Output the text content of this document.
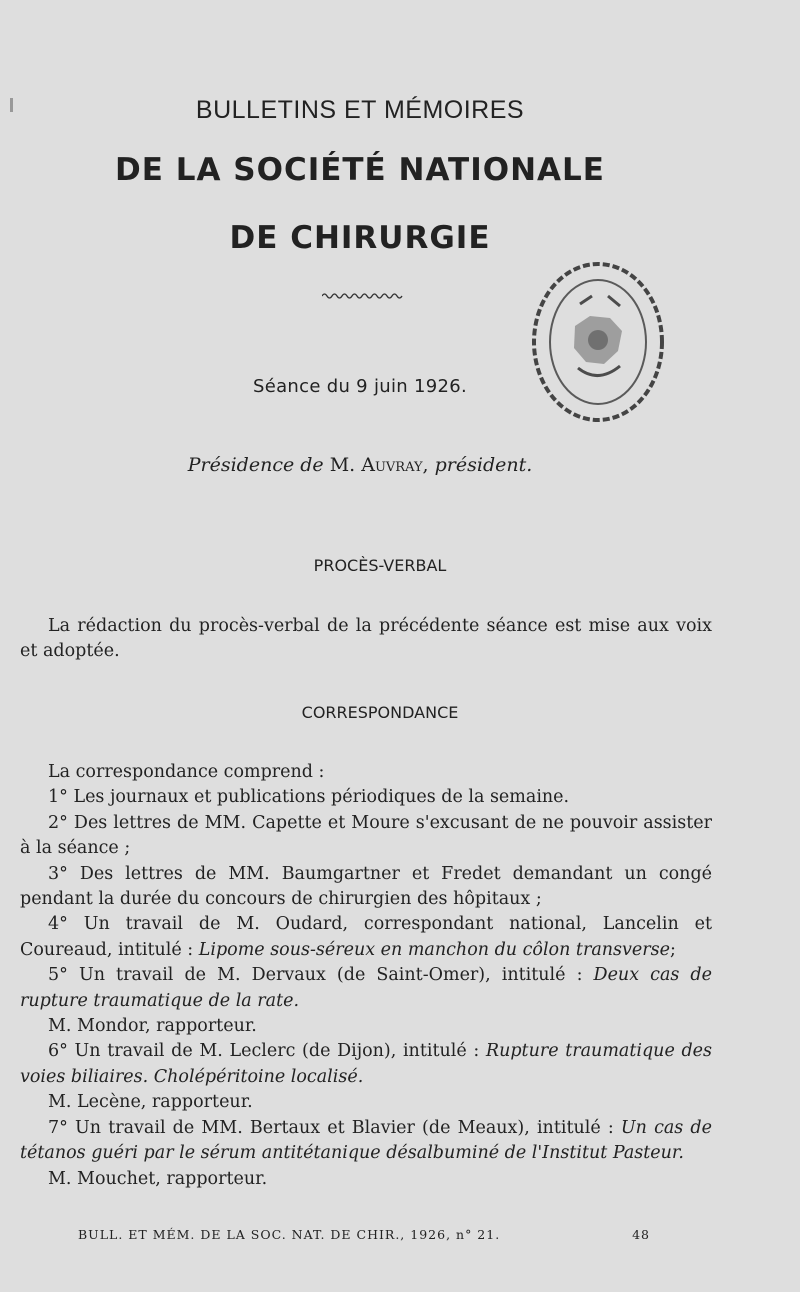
BULLETINS ET MÉMOIRES
DE LA SOCIÉTÉ NATIONALE
DE CHIRURGIE
Séance du 9 juin 1926.
Présidence de M. Auvray, président.
PROCÈS-VERBAL

La rédaction du procès-verbal de la précédente séance est mise aux voix et adoptée.

CORRESPONDANCE

La correspondance comprend :

1° Les journaux et publications périodiques de la semaine.

2° Des lettres de MM. Capette et Moure s'excusant de ne pouvoir assister à la séance ;

3° Des lettres de MM. Baumgartner et Fredet demandant un congé pendant la durée du concours de chirurgien des hôpitaux ;

4° Un travail de M. Oudard, correspondant national, Lancelin et Coureaud, intitulé : Lipome sous-séreux en manchon du côlon transverse;

5° Un travail de M. Dervaux (de Saint-Omer), intitulé : Deux cas de rupture traumatique de la rate.

M. Mondor, rapporteur.

6° Un travail de M. Leclerc (de Dijon), intitulé : Rupture traumatique des voies biliaires. Cholépéritoine localisé.

M. Lecène, rapporteur.

7° Un travail de MM. Bertaux et Blavier (de Meaux), intitulé : Un cas de tétanos guéri par le sérum antitétanique désalbuminé de l'Institut Pasteur.

M. Mouchet, rapporteur.

BULL. ET MÉM. DE LA SOC. NAT. DE CHIR., 1926, n° 21.	48
